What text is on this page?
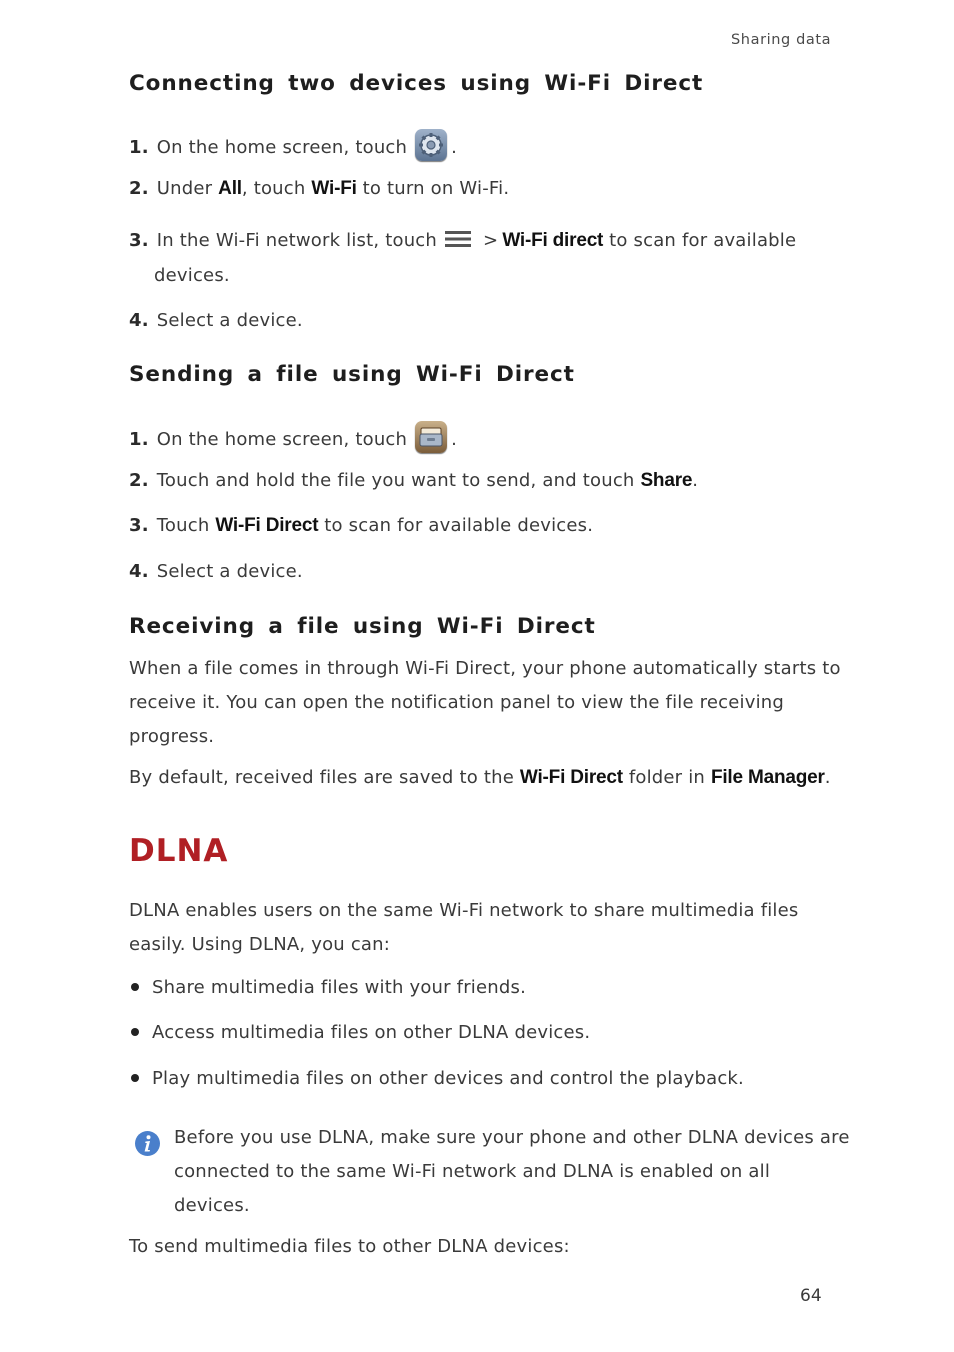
Sharing data
Connecting two devices using Wi-Fi Direct
1. On the home screen, touch .
2. Under All, touch Wi-Fi to turn on Wi-Fi.
3. In the Wi-Fi network list, touch	> Wi-Fi direct to scan for available
devices.
4. Select a device.
Sending a file using Wi-Fi Direct
1. On the home screen, touch .
2. Touch and hold the file you want to send, and touch Share.
3. Touch Wi-Fi Direct to scan for available devices.
4. Select a device.
Receiving a file using Wi-Fi Direct
When a file comes in through Wi-Fi Direct, your phone automatically starts to
receive it. You can open the notification panel to view the file receiving
progress.
By default, received files are saved to the Wi-Fi Direct folder in File Manager.
DLNA
DLNA enables users on the same Wi-Fi network to share multimedia files
easily. Using DLNA, you can:
Share multimedia files with your friends.
Access multimedia files on other DLNA devices.
Play multimedia files on other devices and control the playback.
Before you use DLNA, make sure your phone and other DLNA devices are
connected to the same Wi-Fi network and DLNA is enabled on all
devices.
To send multimedia files to other DLNA devices:
64
